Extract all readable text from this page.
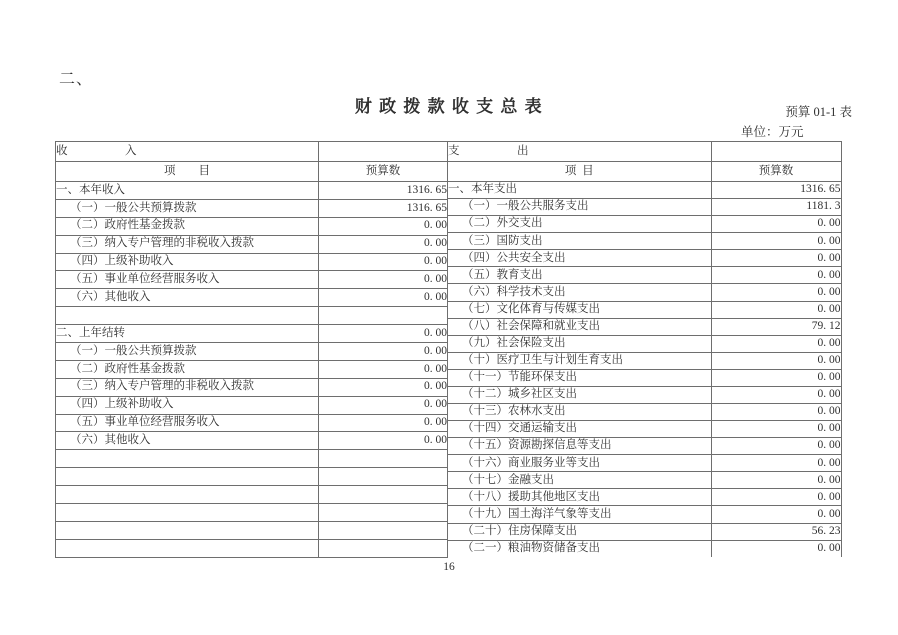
二、
财 政 拨 款 收 支 总 表	预算 01-1 表
单位：万元
收　　　　　入	
项　　目	预算数
一、本年收入	1316. 65
（一）一般公共预算拨款	1316. 65
（二）政府性基金拨款	0. 00
（三）纳入专户管理的非税收入拨款	0. 00
（四）上级补助收入	0. 00
（五）事业单位经营服务收入	0. 00
（六）其他收入	0. 00

二、上年结转	0. 00
（一）一般公共预算拨款	0. 00
（二）政府性基金拨款	0. 00
（三）纳入专户管理的非税收入拨款	0. 00
（四）上级补助收入	0. 00
（五）事业单位经营服务收入	0. 00
（六）其他收入	0. 00

支　　　　　出	
项  目	预算数
一、本年支出	1316. 65
（一）一般公共服务支出	1181. 3
（二）外交支出	0. 00
（三）国防支出	0. 00
（四）公共安全支出	0. 00
（五）教育支出	0. 00
（六）科学技术支出	0. 00
（七）文化体育与传媒支出	0. 00
（八）社会保障和就业支出	79. 12
（九）社会保险支出	0. 00
（十）医疗卫生与计划生育支出	0. 00
（十一）节能环保支出	0. 00
（十二）城乡社区支出	0. 00
（十三）农林水支出	0. 00
（十四）交通运输支出	0. 00
（十五）资源勘探信息等支出	0. 00
（十六）商业服务业等支出	0. 00
（十七）金融支出	0. 00
（十八）援助其他地区支出	0. 00
（十九）国土海洋气象等支出	0. 00
（二十）住房保障支出	56. 23
（二一）粮油物资储备支出	0. 00
16
